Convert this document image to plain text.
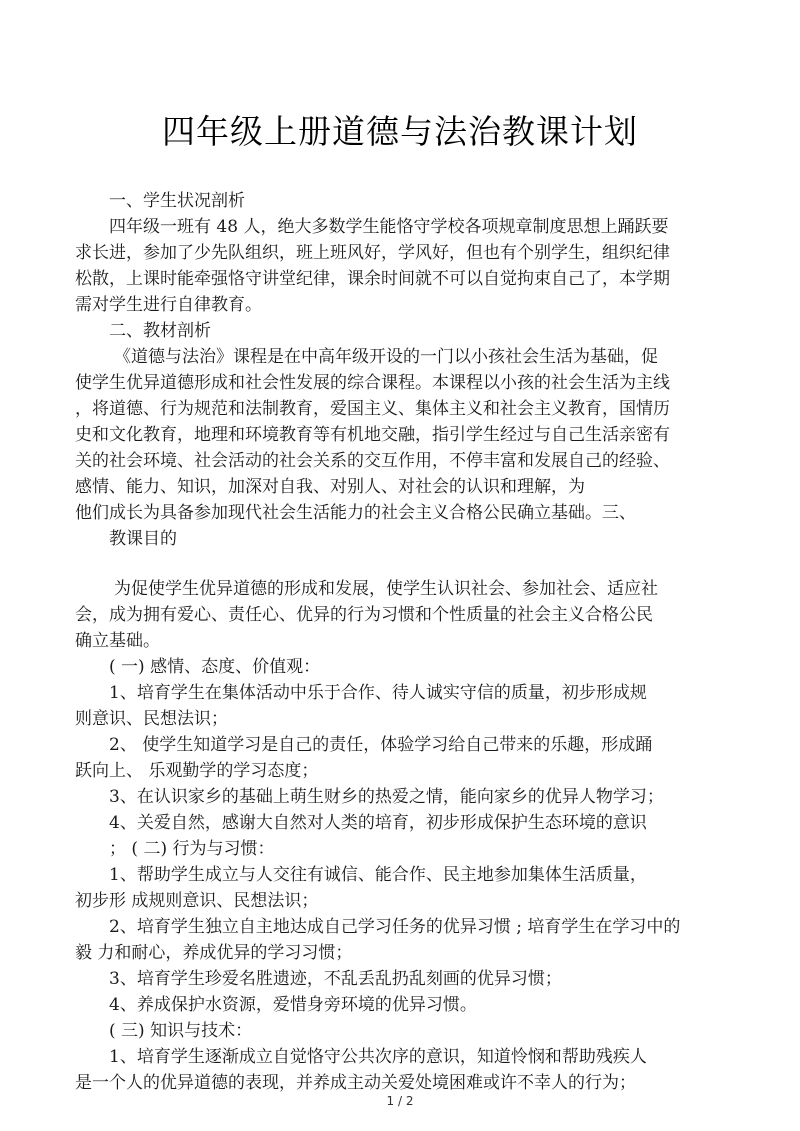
四年级上册道德与法治教课计划
一、学生状况剖析
四年级一班有 48 人，绝大多数学生能恪守学校各项规章制度思想上踊跃要
求长进，参加了少先队组织，班上班风好，学风好，但也有个别学生，组织纪律
松散，上课时能牵强恪守讲堂纪律，课余时间就不可以自觉拘束自己了，本学期
需对学生进行自律教育。
二、教材剖析
《道德与法治》课程是在中高年级开设的一门以小孩社会生活为基础，促
使学生优异道德形成和社会性发展的综合课程。本课程以小孩的社会生活为主线
，将道德、行为规范和法制教育，爱国主义、集体主义和社会主义教育，国情历
史和文化教育，地理和环境教育等有机地交融，指引学生经过与自己生活亲密有
关的社会环境、社会活动的社会关系的交互作用，不停丰富和发展自己的经验、
感情、能力、知识，加深对自我、对别人、对社会的认识和理解，为
他们成长为具备参加现代社会生活能力的社会主义合格公民确立基础。三、
教课目的
为促使学生优异道德的形成和发展，使学生认识社会、参加社会、适应社
会，成为拥有爱心、责任心、优异的行为习惯和个性质量的社会主义合格公民
确立基础。
( 一) 感情、态度、价值观：
1、培育学生在集体活动中乐于合作、待人诚实守信的质量，初步形成规
则意识、民想法识；
2、 使学生知道学习是自己的责任，体验学习给自己带来的乐趣，形成踊
跃向上、 乐观勤学的学习态度；
3、在认识家乡的基础上萌生财乡的热爱之情，能向家乡的优异人物学习；
4、关爱自然，感谢大自然对人类的培育，初步形成保护生态环境的意识
； ( 二) 行为与习惯：
1、帮助学生成立与人交往有诚信、能合作、民主地参加集体生活质量，
初步形 成规则意识、民想法识；
2、培育学生独立自主地达成自己学习任务的优异习惯 ; 培育学生在学习中的
毅 力和耐心，养成优异的学习习惯；
3、培育学生珍爱名胜遗迹，不乱丢乱扔乱刻画的优异习惯；
4、养成保护水资源，爱惜身旁环境的优异习惯。
( 三) 知识与技术：
1、培育学生逐渐成立自觉恪守公共次序的意识，知道怜悯和帮助残疾人
是一个人的优异道德的表现，并养成主动关爱处境困难或许不幸人的行为；
1 / 2
